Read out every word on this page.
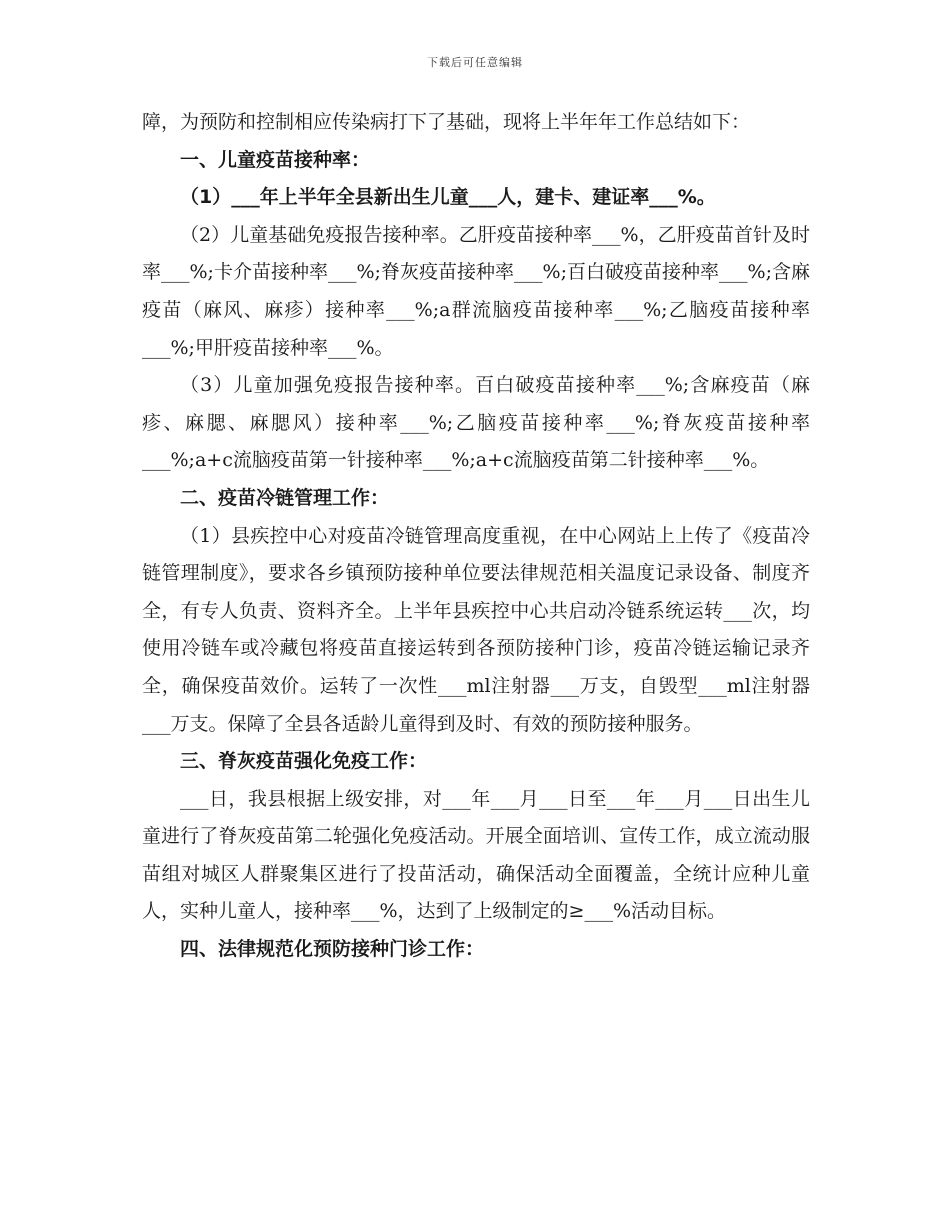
下载后可任意编辑

障，为预防和控制相应传染病打下了基础，现将上半年年工作总结如下：

一、儿童疫苗接种率：

（1）___年上半年全县新出生儿童___人，建卡、建证率___%。

（2）儿童基础免疫报告接种率。乙肝疫苗接种率___%，乙肝疫苗首针及时率___%;卡介苗接种率___%;脊灰疫苗接种率___%;百白破疫苗接种率___%;含麻疫苗（麻风、麻疹）接种率___%;a群流脑疫苗接种率___%;乙脑疫苗接种率___%;甲肝疫苗接种率___%。

（3）儿童加强免疫报告接种率。百白破疫苗接种率___%;含麻疫苗（麻疹、麻腮、麻腮风）接种率___%;乙脑疫苗接种率___%;脊灰疫苗接种率___%;a+c流脑疫苗第一针接种率___%;a+c流脑疫苗第二针接种率___%。

二、疫苗冷链管理工作：

（1）县疾控中心对疫苗冷链管理高度重视，在中心网站上上传了《疫苗冷链管理制度》，要求各乡镇预防接种单位要法律规范相关温度记录设备、制度齐全，有专人负责、资料齐全。上半年县疾控中心共启动冷链系统运转___次，均使用冷链车或冷藏包将疫苗直接运转到各预防接种门诊，疫苗冷链运输记录齐全，确保疫苗效价。运转了一次性___ml注射器___万支，自毁型___ml注射器___万支。保障了全县各适龄儿童得到及时、有效的预防接种服务。

三、脊灰疫苗强化免疫工作：

___日，我县根据上级安排，对___年___月___日至___年___月___日出生儿童进行了脊灰疫苗第二轮强化免疫活动。开展全面培训、宣传工作，成立流动服苗组对城区人群聚集区进行了投苗活动，确保活动全面覆盖，全统计应种儿童人，实种儿童人，接种率___%，达到了上级制定的≥___%活动目标。

四、法律规范化预防接种门诊工作：
